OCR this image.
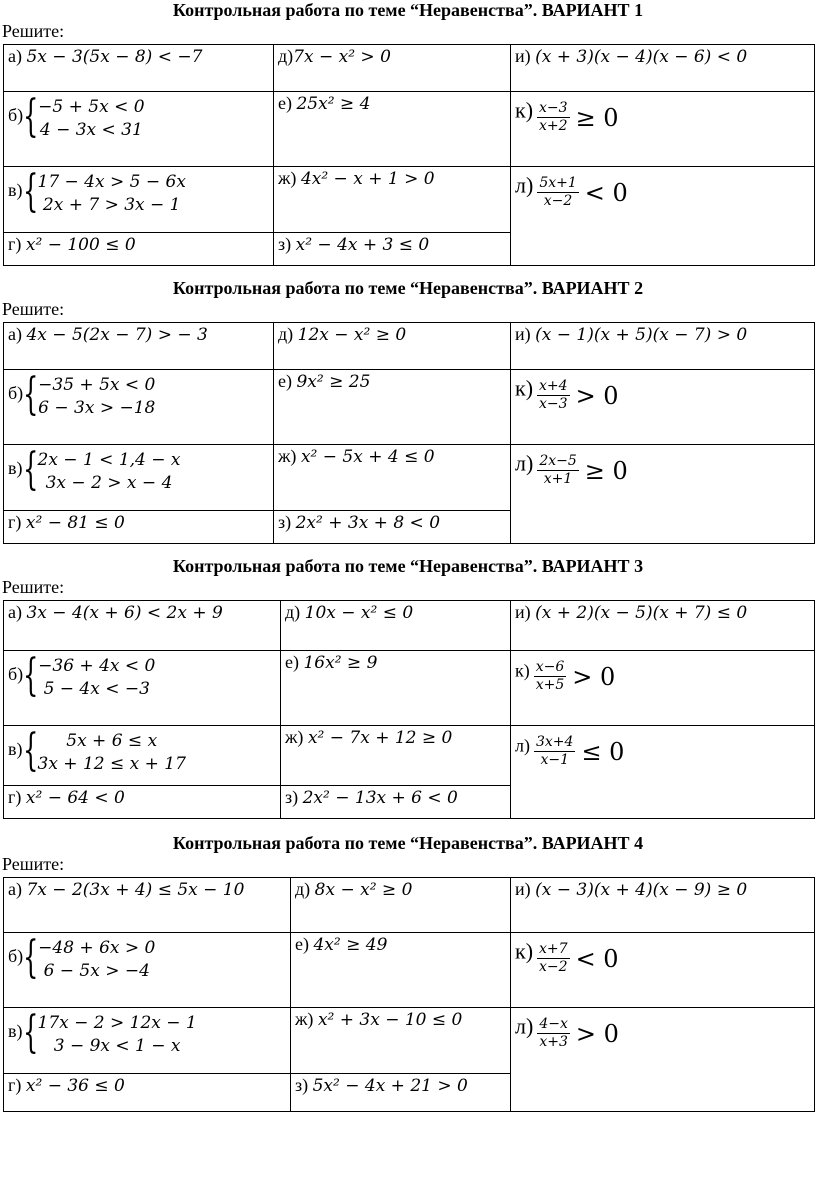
Контрольная работа по теме “Неравенства”. ВАРИАНТ 1
Решите:
а) 5x − 3(5x − 8) < −7	д)7x − x² > 0	и) (x + 3)(x − 4)(x − 6) < 0
б) { −5 + 5x < 0
4 − 3x < 31	е) 25x² ≥ 4	$к) \frac{x-3}{x+2} \ge 0$

в) { 17 − 4x > 5 − 6x
2x + 7 > 3x − 1	ж) 4x² − x + 1 > 0	$л) \frac{5x+1}{x-2} < 0$

г) x² − 100 ≤ 0	з) x² − 4x + 3 ≤ 0	
Контрольная работа по теме “Неравенства”. ВАРИАНТ 2
Решите:
а) 4x − 5(2x − 7) > − 3	д) 12x − x² ≥ 0	и) (x − 1)(x + 5)(x − 7) > 0
б) { −35 + 5x < 0
6 − 3x > −18	е) 9x² ≥ 25	$к) \frac{x+4}{x-3} > 0$

в) { 2x − 1 < 1,4 − x
3x − 2 > x − 4	ж) x² − 5x + 4 ≤ 0	$л) \frac{2x-5}{x+1} \ge 0$

г) x² − 81 ≤ 0	з) 2x² + 3x + 8 < 0	
Контрольная работа по теме “Неравенства”. ВАРИАНТ 3
Решите:
а) 3x − 4(x + 6) < 2x + 9	д) 10x − x² ≤ 0	и) (x + 2)(x − 5)(x + 7) ≤ 0
б) { −36 + 4x < 0
5 − 4x < −3	е) 16x² ≥ 9	$к) \frac{x-6}{x+5} > 0$

в) { 5x + 6 ≤ x
3x + 12 ≤ x + 17	ж) x² − 7x + 12 ≥ 0	$л) \frac{3x+4}{x-1} \le 0$

г) x² − 64 < 0	з) 2x² − 13x + 6 < 0	
Контрольная работа по теме “Неравенства”. ВАРИАНТ 4
Решите:
а) 7x − 2(3x + 4) ≤ 5x − 10	д) 8x − x² ≥ 0	и) (x − 3)(x + 4)(x − 9) ≥ 0
б) { −48 + 6x > 0
6 − 5x > −4	е) 4x² ≥ 49	$к) \frac{x+7}{x-2} < 0$

в) { 17x − 2 > 12x − 1
3 − 9x < 1 − x	ж) x² + 3x − 10 ≤ 0	$л) \frac{4-x}{x+3} > 0$

г) x² − 36 ≤ 0	з) 5x² − 4x + 21 > 0	
